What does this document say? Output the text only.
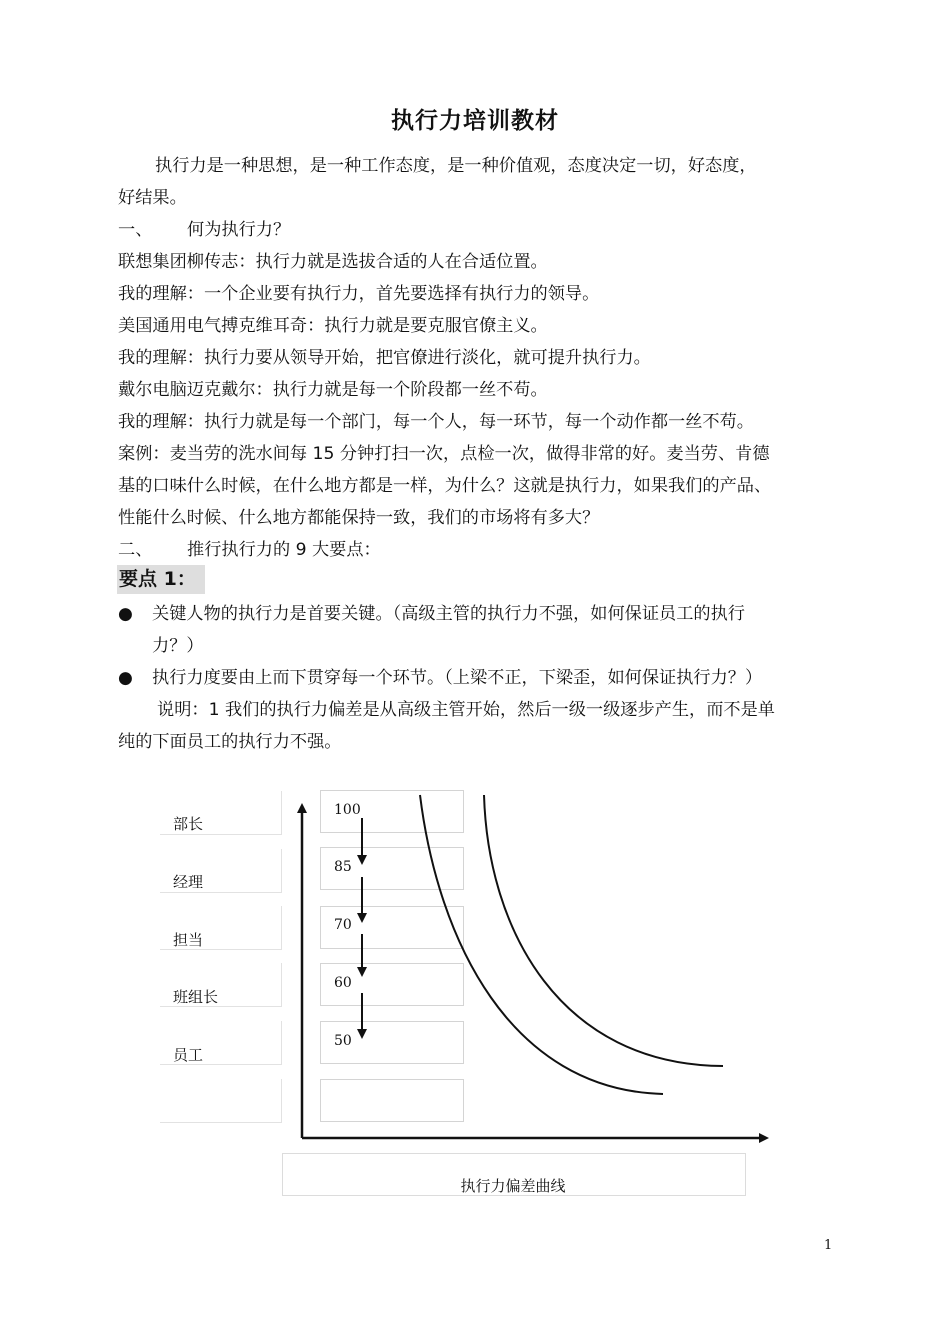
执行力培训教材
执行力是一种思想，是一种工作态度，是一种价值观，态度决定一切，好态度，
好结果。
一、 何为执行力？
联想集团柳传志：执行力就是选拔合适的人在合适位置。
我的理解：一个企业要有执行力，首先要选择有执行力的领导。
美国通用电气搏克维耳奇：执行力就是要克服官僚主义。
我的理解：执行力要从领导开始，把官僚进行淡化，就可提升执行力。
戴尔电脑迈克戴尔：执行力就是每一个阶段都一丝不苟。
我的理解：执行力就是每一个部门，每一个人，每一环节，每一个动作都一丝不苟。
案例：麦当劳的洗水间每 15 分钟打扫一次，点检一次，做得非常的好。麦当劳、肯德
基的口味什么时候，在什么地方都是一样，为什么？这就是执行力，如果我们的产品、
性能什么时候、什么地方都能保持一致，我们的市场将有多大？
二、 推行执行力的 9 大要点：
要点 1：
● 关键人物的执行力是首要关键。（高级主管的执行力不强，如何保证员工的执行
力？）
● 执行力度要由上而下贯穿每一个环节。（上梁不正，下梁歪，如何保证执行力？）
说明：1 我们的执行力偏差是从高级主管开始，然后一级一级逐步产生，而不是单
纯的下面员工的执行力不强。
部长
经理
担当
班组长
员工
100
85
70
60
50
执行力偏差曲线
1
